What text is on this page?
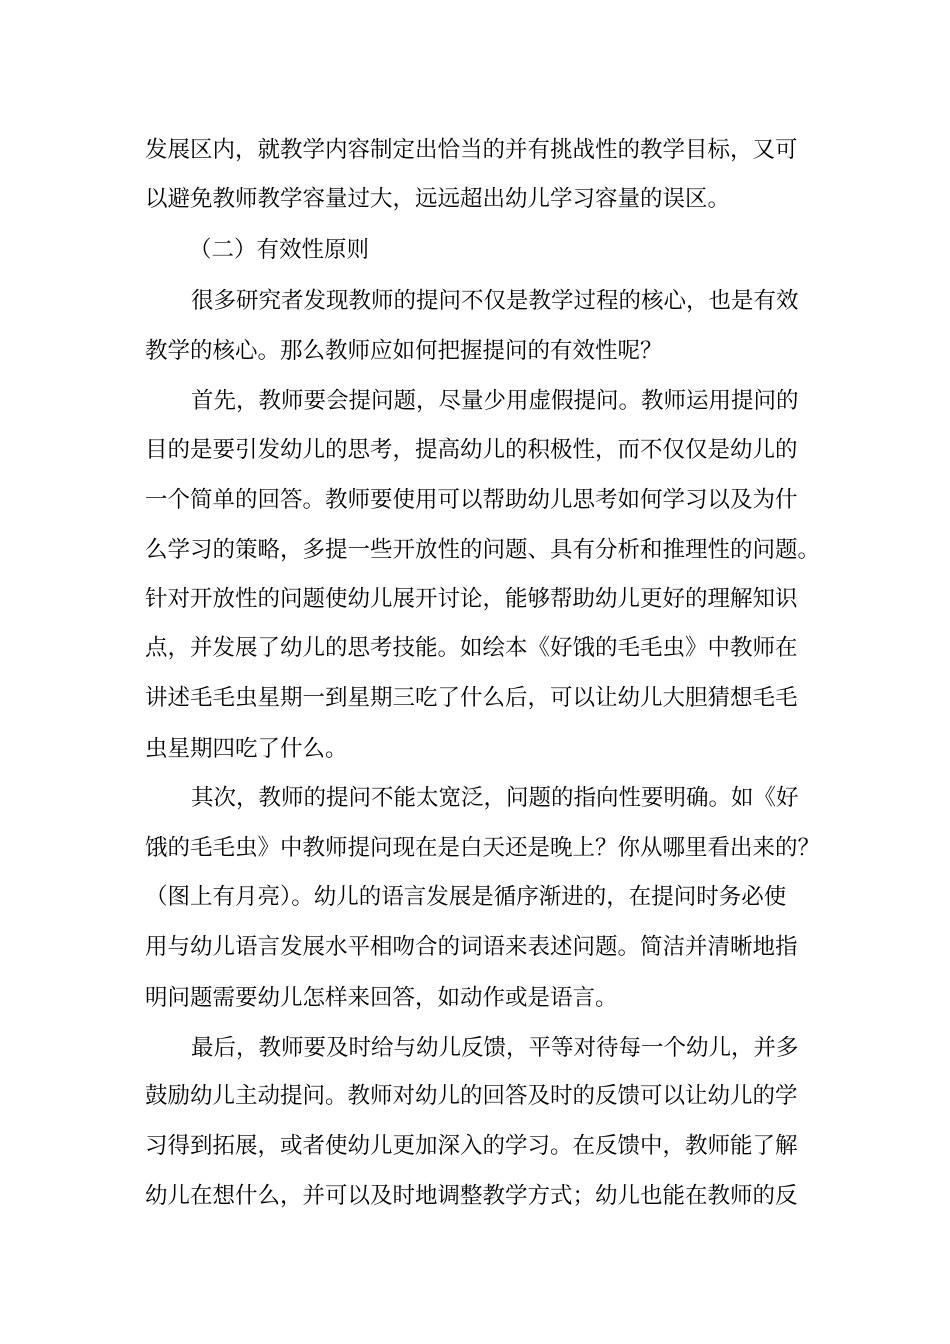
发展区内，就教学内容制定出恰当的并有挑战性的教学目标，又可
以避免教师教学容量过大，远远超出幼儿学习容量的误区。
（二）有效性原则
很多研究者发现教师的提问不仅是教学过程的核心，也是有效
教学的核心。那么教师应如何把握提问的有效性呢？
首先，教师要会提问题，尽量少用虚假提问。教师运用提问的
目的是要引发幼儿的思考，提高幼儿的积极性，而不仅仅是幼儿的
一个简单的回答。教师要使用可以帮助幼儿思考如何学习以及为什
么学习的策略，多提一些开放性的问题、具有分析和推理性的问题。
针对开放性的问题使幼儿展开讨论，能够帮助幼儿更好的理解知识
点，并发展了幼儿的思考技能。如绘本《好饿的毛毛虫》中教师在
讲述毛毛虫星期一到星期三吃了什么后，可以让幼儿大胆猜想毛毛
虫星期四吃了什么。
其次，教师的提问不能太宽泛，问题的指向性要明确。如《好
饿的毛毛虫》中教师提问现在是白天还是晚上？你从哪里看出来的？
（图上有月亮）。幼儿的语言发展是循序渐进的，在提问时务必使
用与幼儿语言发展水平相吻合的词语来表述问题。简洁并清晰地指
明问题需要幼儿怎样来回答，如动作或是语言。
最后，教师要及时给与幼儿反馈，平等对待每一个幼儿，并多
鼓励幼儿主动提问。教师对幼儿的回答及时的反馈可以让幼儿的学
习得到拓展，或者使幼儿更加深入的学习。在反馈中，教师能了解
幼儿在想什么，并可以及时地调整教学方式；幼儿也能在教师的反
